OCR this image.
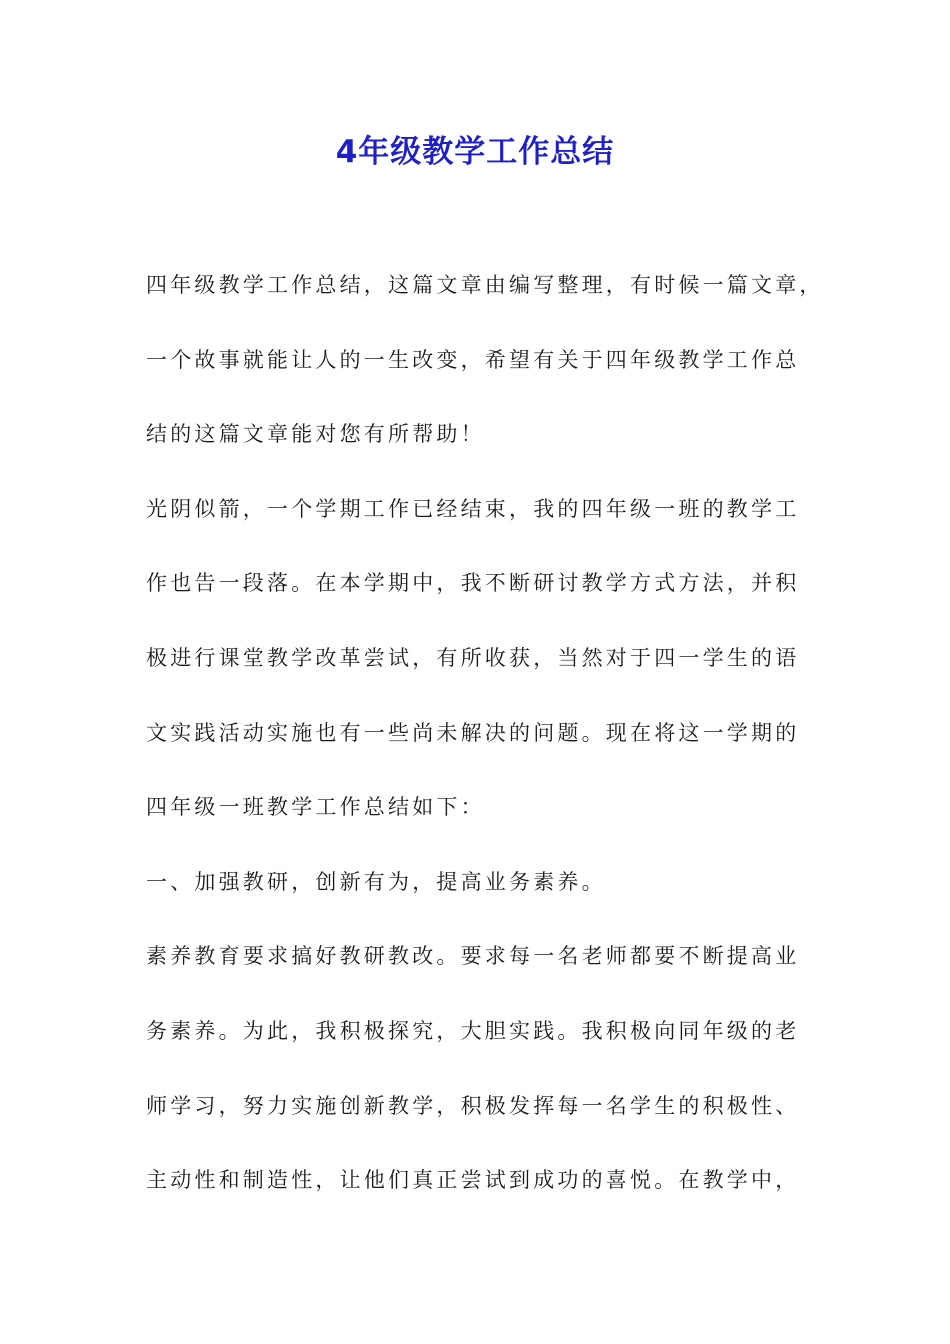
4年级教学工作总结
四年级教学工作总结，这篇文章由编写整理，有时候一篇文章，
一个故事就能让人的一生改变，希望有关于四年级教学工作总
结的这篇文章能对您有所帮助！
光阴似箭，一个学期工作已经结束，我的四年级一班的教学工
作也告一段落。在本学期中，我不断研讨教学方式方法，并积
极进行课堂教学改革尝试，有所收获，当然对于四一学生的语
文实践活动实施也有一些尚未解决的问题。现在将这一学期的
四年级一班教学工作总结如下：
一、加强教研，创新有为，提高业务素养。
素养教育要求搞好教研教改。要求每一名老师都要不断提高业
务素养。为此，我积极探究，大胆实践。我积极向同年级的老
师学习，努力实施创新教学，积极发挥每一名学生的积极性、
主动性和制造性，让他们真正尝试到成功的喜悦。在教学中，
